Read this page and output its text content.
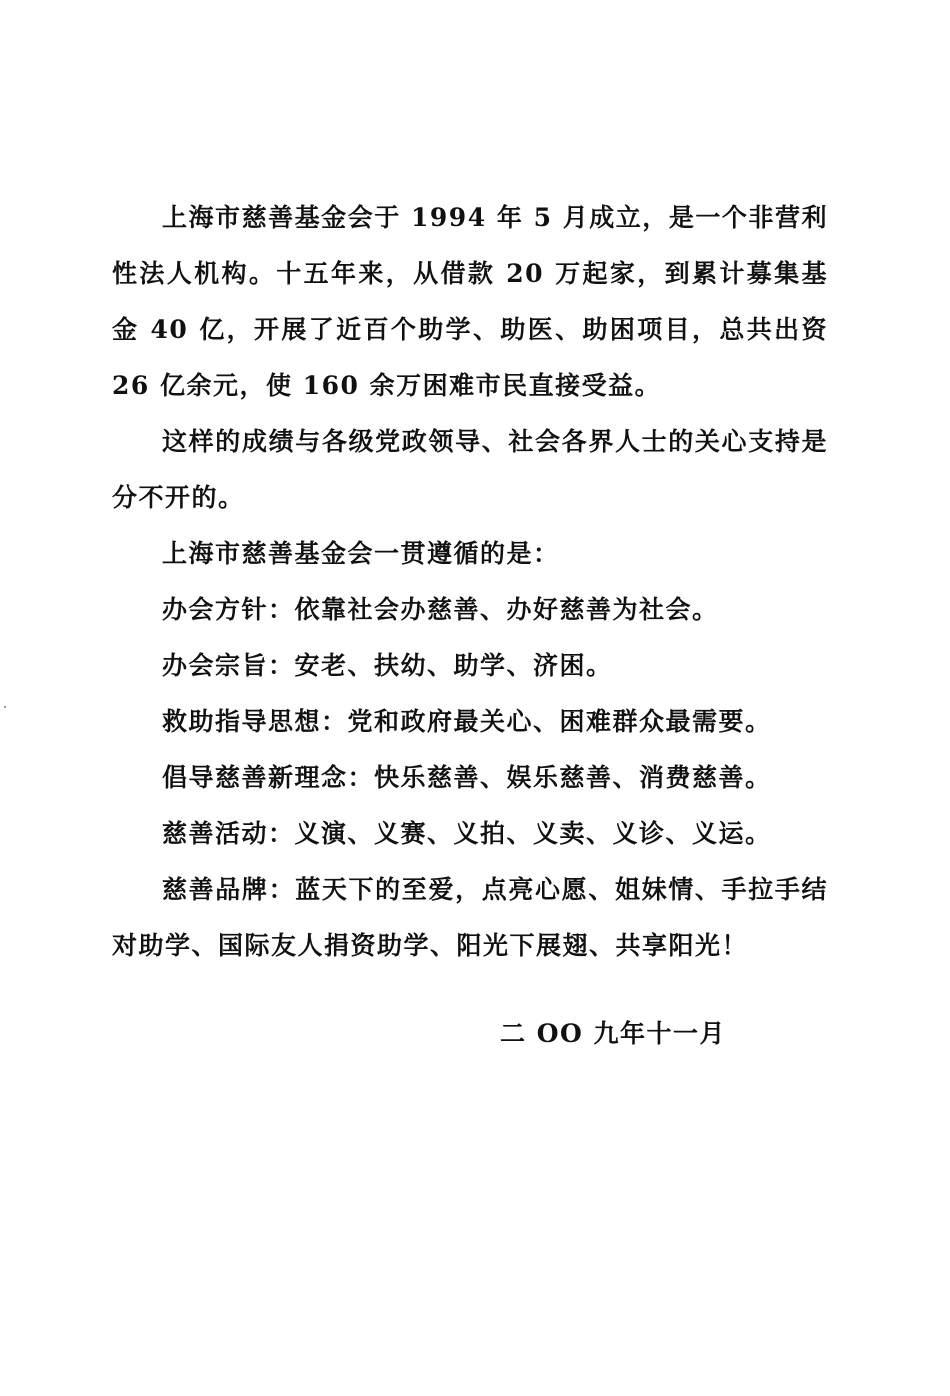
上海市慈善基金会于 1994 年 5 月成立，是一个非营利性法人机构。十五年来，从借款 20 万起家，到累计募集基金 40 亿，开展了近百个助学、助医、助困项目，总共出资 26 亿余元，使 160 余万困难市民直接受益。

这样的成绩与各级党政领导、社会各界人士的关心支持是分不开的。

上海市慈善基金会一贯遵循的是：

办会方针：依靠社会办慈善、办好慈善为社会。

办会宗旨：安老、扶幼、助学、济困。

救助指导思想：党和政府最关心、困难群众最需要。

倡导慈善新理念：快乐慈善、娱乐慈善、消费慈善。

慈善活动：义演、义赛、义拍、义卖、义诊、义运。

慈善品牌：蓝天下的至爱，点亮心愿、姐妹情、手拉手结对助学、国际友人捐资助学、阳光下展翅、共享阳光！

二 OO 九年十一月
